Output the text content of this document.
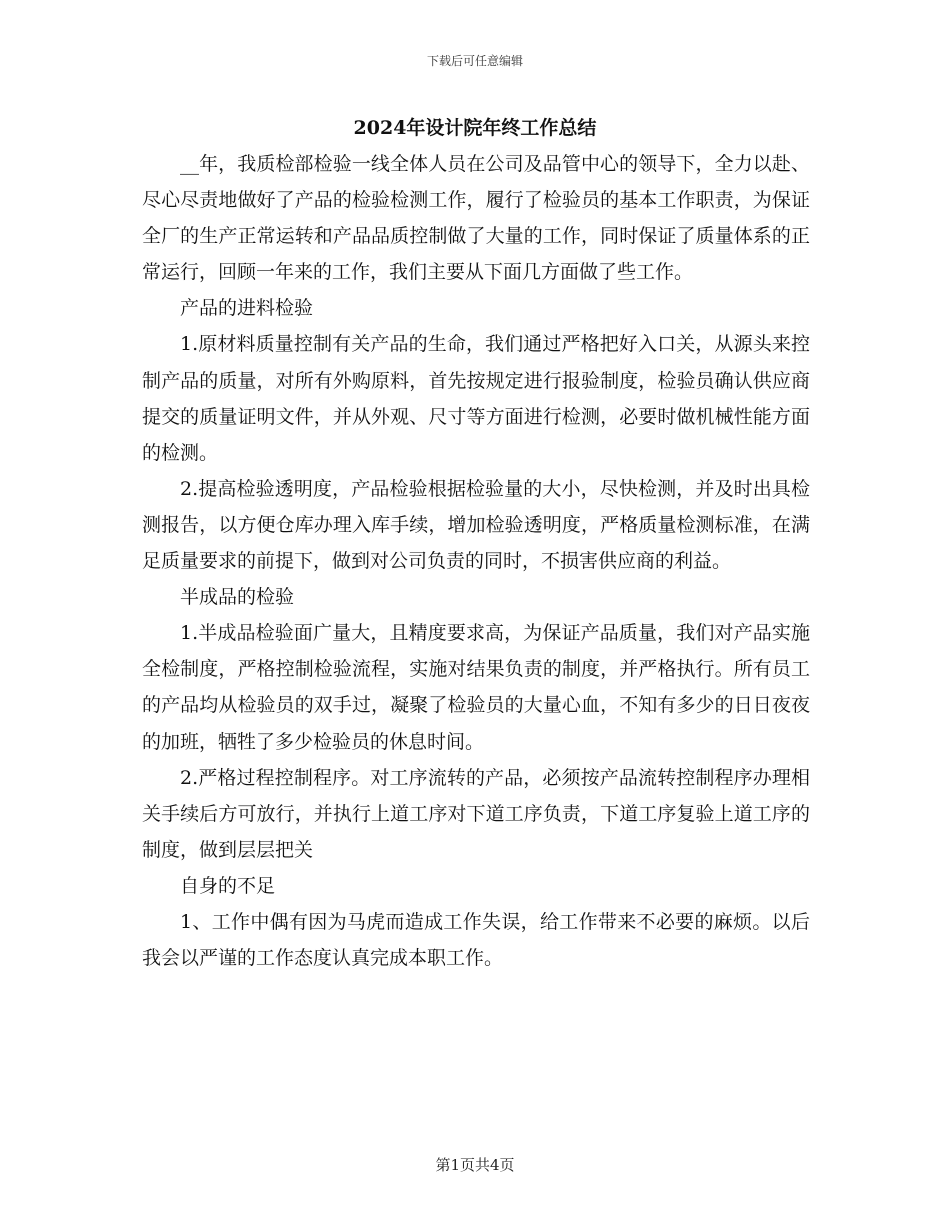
下载后可任意编辑
2024年设计院年终工作总结

__年，我质检部检验一线全体人员在公司及品管中心的领导下，全力以赴、尽心尽责地做好了产品的检验检测工作，履行了检验员的基本工作职责，为保证全厂的生产正常运转和产品品质控制做了大量的工作，同时保证了质量体系的正常运行，回顾一年来的工作，我们主要从下面几方面做了些工作。

产品的进料检验

1.原材料质量控制有关产品的生命，我们通过严格把好入口关，从源头来控制产品的质量，对所有外购原料，首先按规定进行报验制度，检验员确认供应商提交的质量证明文件，并从外观、尺寸等方面进行检测，必要时做机械性能方面的检测。

2.提高检验透明度，产品检验根据检验量的大小，尽快检测，并及时出具检测报告，以方便仓库办理入库手续，增加检验透明度，严格质量检测标准，在满足质量要求的前提下，做到对公司负责的同时，不损害供应商的利益。

半成品的检验

1.半成品检验面广量大，且精度要求高，为保证产品质量，我们对产品实施全检制度，严格控制检验流程，实施对结果负责的制度，并严格执行。所有员工的产品均从检验员的双手过，凝聚了检验员的大量心血，不知有多少的日日夜夜的加班，牺牲了多少检验员的休息时间。

2.严格过程控制程序。对工序流转的产品，必须按产品流转控制程序办理相关手续后方可放行，并执行上道工序对下道工序负责，下道工序复验上道工序的制度，做到层层把关

自身的不足

1、工作中偶有因为马虎而造成工作失误，给工作带来不必要的麻烦。以后我会以严谨的工作态度认真完成本职工作。

第1页共4页
